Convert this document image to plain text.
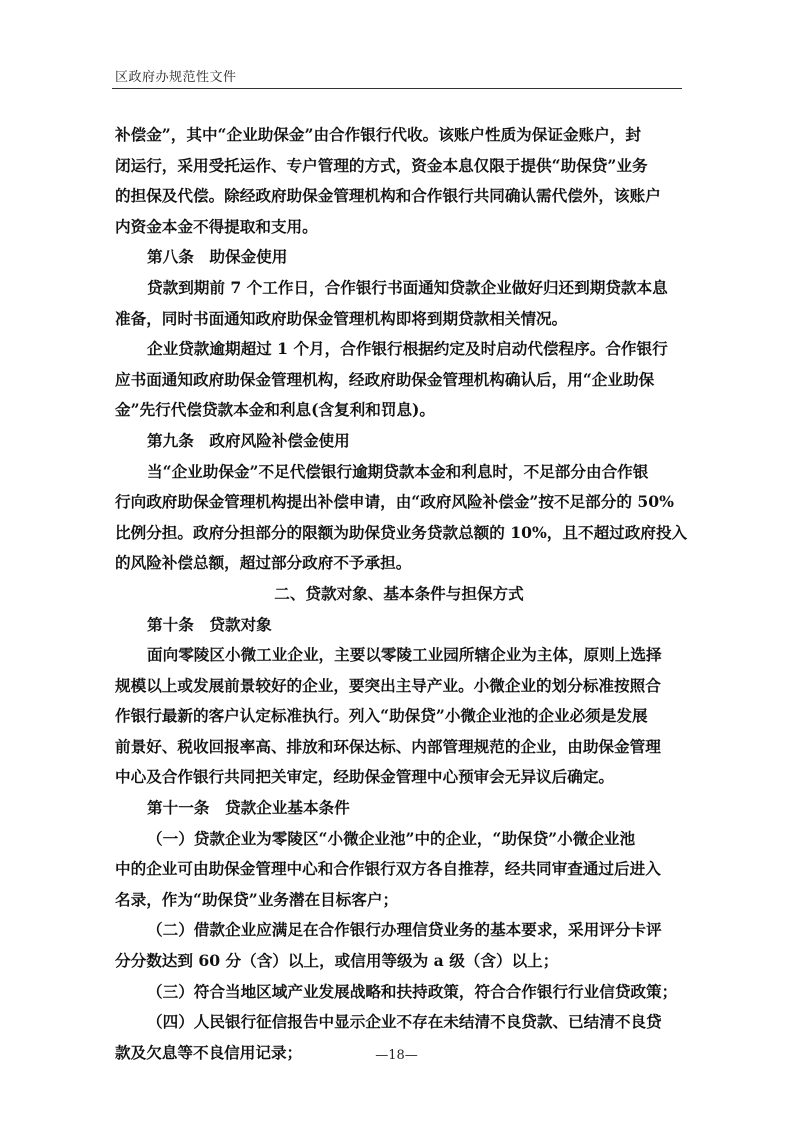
区政府办规范性文件
补偿金”，其中“企业助保金”由合作银行代收。该账户性质为保证金账户，封
闭运行，采用受托运作、专户管理的方式，资金本息仅限于提供“助保贷”业务
的担保及代偿。除经政府助保金管理机构和合作银行共同确认需代偿外，该账户
内资金本金不得提取和支用。
第八条　助保金使用
贷款到期前 7 个工作日，合作银行书面通知贷款企业做好归还到期贷款本息
准备，同时书面通知政府助保金管理机构即将到期贷款相关情况。
企业贷款逾期超过 1 个月，合作银行根据约定及时启动代偿程序。合作银行
应书面通知政府助保金管理机构，经政府助保金管理机构确认后，用“企业助保
金”先行代偿贷款本金和利息(含复利和罚息)。
第九条　政府风险补偿金使用
当“企业助保金”不足代偿银行逾期贷款本金和利息时，不足部分由合作银
行向政府助保金管理机构提出补偿申请，由“政府风险补偿金”按不足部分的 50%
比例分担。政府分担部分的限额为助保贷业务贷款总额的 10%，且不超过政府投入
的风险补偿总额，超过部分政府不予承担。
二、贷款对象、基本条件与担保方式
第十条　贷款对象
面向零陵区小微工业企业，主要以零陵工业园所辖企业为主体，原则上选择
规模以上或发展前景较好的企业，要突出主导产业。小微企业的划分标准按照合
作银行最新的客户认定标准执行。列入“助保贷”小微企业池的企业必须是发展
前景好、税收回报率高、排放和环保达标、内部管理规范的企业，由助保金管理
中心及合作银行共同把关审定，经助保金管理中心预审会无异议后确定。
第十一条　贷款企业基本条件
（一）贷款企业为零陵区“小微企业池”中的企业，“助保贷”小微企业池
中的企业可由助保金管理中心和合作银行双方各自推荐，经共同审查通过后进入
名录，作为“助保贷”业务潜在目标客户；
（二）借款企业应满足在合作银行办理信贷业务的基本要求，采用评分卡评
分分数达到 60 分（含）以上，或信用等级为 a 级（含）以上；
（三）符合当地区域产业发展战略和扶持政策，符合合作银行行业信贷政策；
（四）人民银行征信报告中显示企业不存在未结清不良贷款、已结清不良贷
款及欠息等不良信用记录；	—18—
